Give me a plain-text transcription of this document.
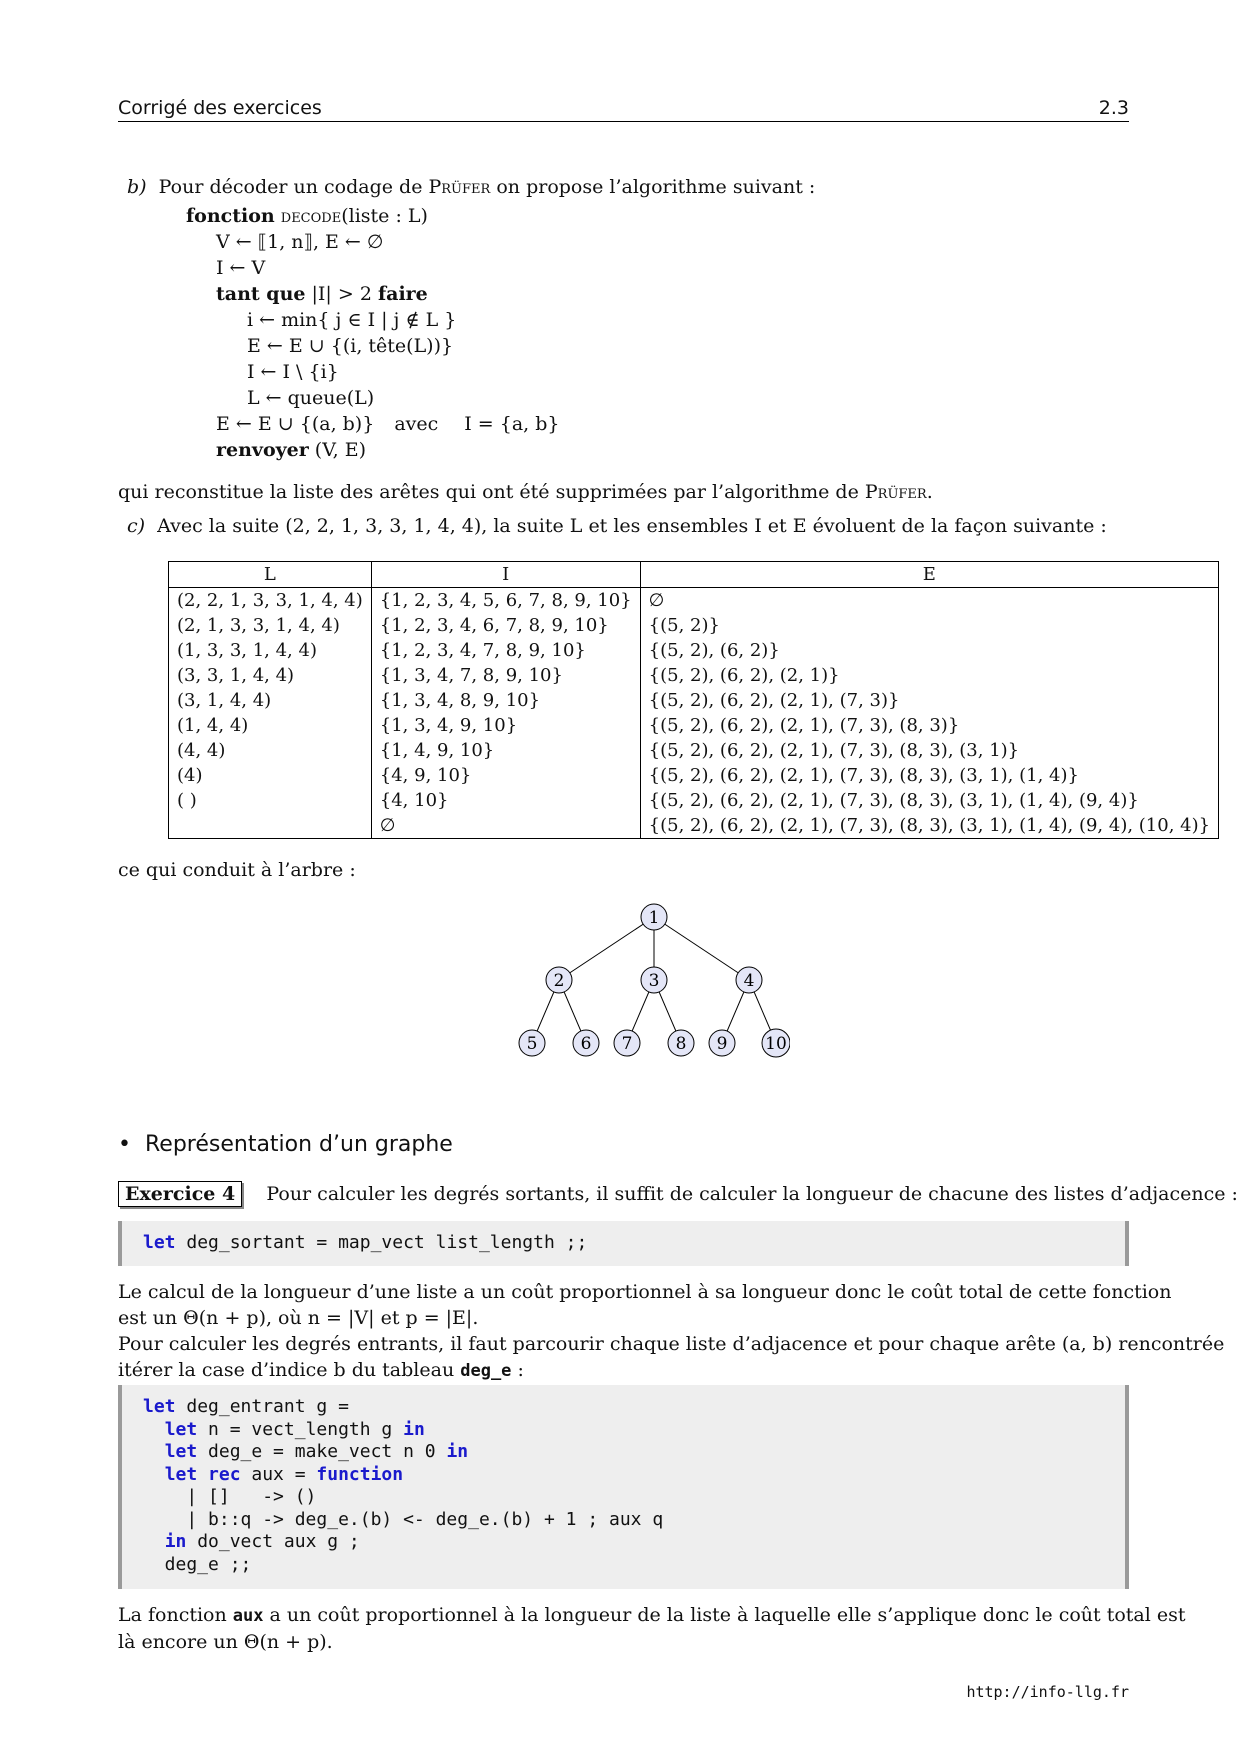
Corrigé des exercices	2.3
b) Pour décoder un codage de Prüfer on propose l’algorithme suivant :
fonction decode(liste : L)
V ← ⟦1, n⟧, E ← ∅
I ← V
tant que |I| > 2 faire
i ← min{ j ∈ I | j ∉ L }
E ← E ∪ {(i, tête(L))}
I ← I \ {i}
L ← queue(L)
E ← E ∪ {(a, b)} avec I = {a, b}
renvoyer (V, E)
qui reconstitue la liste des arêtes qui ont été supprimées par l’algorithme de Prüfer.
c) Avec la suite (2, 2, 1, 3, 3, 1, 4, 4), la suite L et les ensembles I et E évoluent de la façon suivante :
L	I	E
(2, 2, 1, 3, 3, 1, 4, 4)	{1, 2, 3, 4, 5, 6, 7, 8, 9, 10}	∅
(2, 1, 3, 3, 1, 4, 4)	{1, 2, 3, 4, 6, 7, 8, 9, 10}	{(5, 2)}
(1, 3, 3, 1, 4, 4)	{1, 2, 3, 4, 7, 8, 9, 10}	{(5, 2), (6, 2)}
(3, 3, 1, 4, 4)	{1, 3, 4, 7, 8, 9, 10}	{(5, 2), (6, 2), (2, 1)}
(3, 1, 4, 4)	{1, 3, 4, 8, 9, 10}	{(5, 2), (6, 2), (2, 1), (7, 3)}
(1, 4, 4)	{1, 3, 4, 9, 10}	{(5, 2), (6, 2), (2, 1), (7, 3), (8, 3)}
(4, 4)	{1, 4, 9, 10}	{(5, 2), (6, 2), (2, 1), (7, 3), (8, 3), (3, 1)}
(4)	{4, 9, 10}	{(5, 2), (6, 2), (2, 1), (7, 3), (8, 3), (3, 1), (1, 4)}
( )	{4, 10}	{(5, 2), (6, 2), (2, 1), (7, 3), (8, 3), (3, 1), (1, 4), (9, 4)}
	∅	{(5, 2), (6, 2), (2, 1), (7, 3), (8, 3), (3, 1), (1, 4), (9, 4), (10, 4)}
ce qui conduit à l’arbre :
1
2	3	4
5	6 7	8 9 10
• Représentation d’un graphe
Exercice 4 Pour calculer les degrés sortants, il suffit de calculer la longueur de chacune des listes d’adjacence :
let deg_sortant = map_vect list_length ;;
Le calcul de la longueur d’une liste a un coût proportionnel à sa longueur donc le coût total de cette fonction
est un Θ(n + p), où n = |V| et p = |E|.
Pour calculer les degrés entrants, il faut parcourir chaque liste d’adjacence et pour chaque arête (a, b) rencontrée
itérer la case d’indice b du tableau deg_e :
let deg_entrant g =
let n = vect_length g in
let deg_e = make_vect n 0 in
let rec aux = function
| []   -> ()
| b::q -> deg_e.(b) <- deg_e.(b) + 1 ; aux q
in do_vect aux g ;
deg_e ;;
La fonction aux a un coût proportionnel à la longueur de la liste à laquelle elle s’applique donc le coût total est
là encore un Θ(n + p).
http://info-llg.fr
